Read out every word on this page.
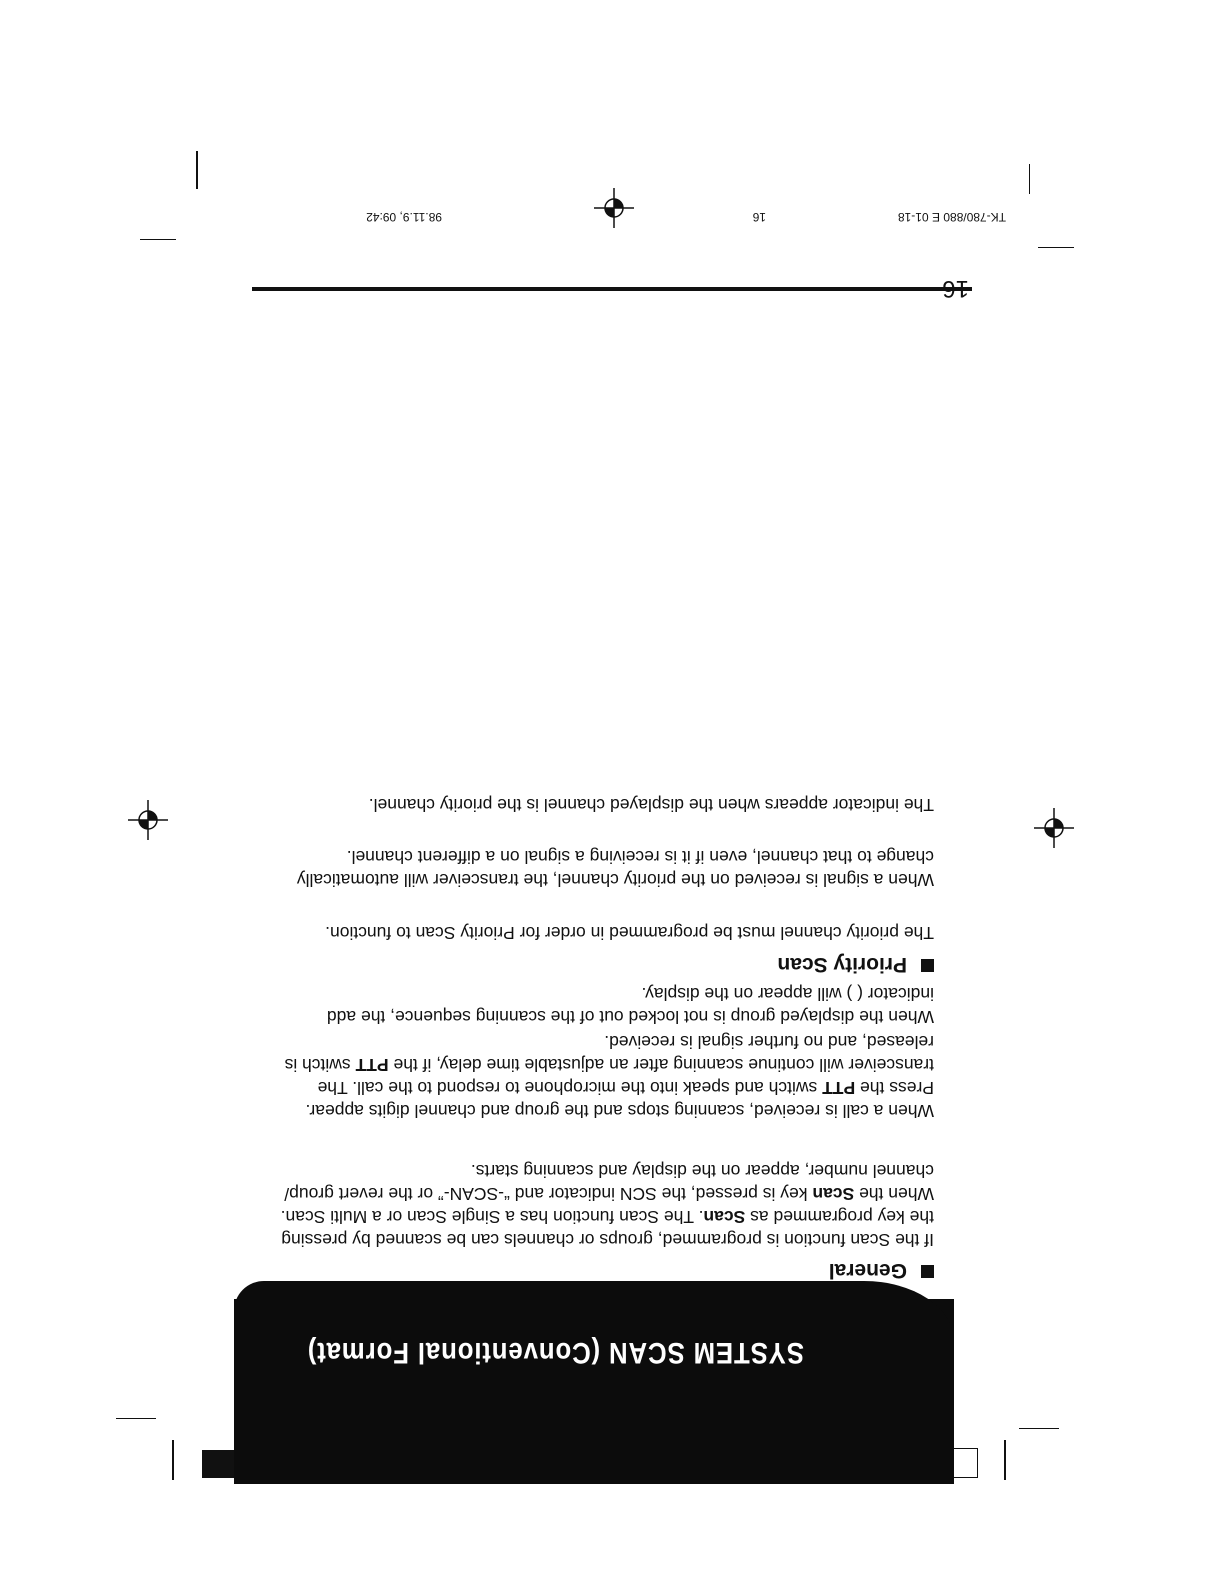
SYSTEM SCAN (Conventional Format)
General
If the Scan function is programmed, groups or channels can be scanned by pressing the key programmed as Scan. The Scan function has a Single Scan or a Multi Scan. When the Scan key is pressed, the SCN indicator and “-SCAN-” or the revert group/ channel number, appear on the display and scanning starts.
When a call is received, scanning stops and the group and channel digits appear. Press the PTT switch and speak into the microphone to respond to the call. The transceiver will continue scanning after an adjustable time delay, if the PTT switch is released, and no further signal is received.
When the displayed group is not locked out of the scanning sequence, the add indicator ( ) will appear on the display.
Priority Scan
The priority channel must be programmed in order for Priority Scan to function.
When a signal is received on the priority channel, the transceiver will automatically change to that channel, even if it is receiving a signal on a different channel.
The indicator appears when the displayed channel is the priority channel.
16
TK-780/880 E 01-18
16
98.11.9, 09:42
